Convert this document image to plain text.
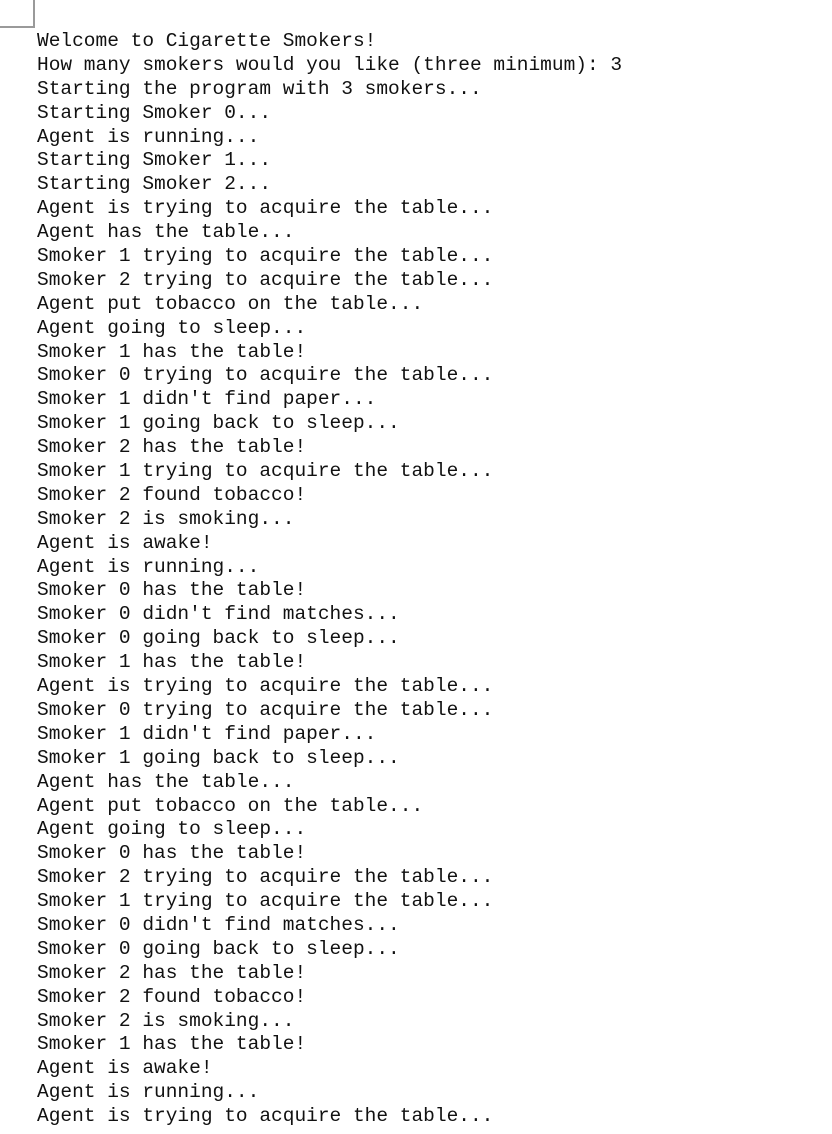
Welcome to Cigarette Smokers!
How many smokers would you like (three minimum): 3
Starting the program with 3 smokers...
Starting Smoker 0...
Agent is running...
Starting Smoker 1...
Starting Smoker 2...
Agent is trying to acquire the table...
Agent has the table...
Smoker 1 trying to acquire the table...
Smoker 2 trying to acquire the table...
Agent put tobacco on the table...
Agent going to sleep...
Smoker 1 has the table!
Smoker 0 trying to acquire the table...
Smoker 1 didn't find paper...
Smoker 1 going back to sleep...
Smoker 2 has the table!
Smoker 1 trying to acquire the table...
Smoker 2 found tobacco!
Smoker 2 is smoking...
Agent is awake!
Agent is running...
Smoker 0 has the table!
Smoker 0 didn't find matches...
Smoker 0 going back to sleep...
Smoker 1 has the table!
Agent is trying to acquire the table...
Smoker 0 trying to acquire the table...
Smoker 1 didn't find paper...
Smoker 1 going back to sleep...
Agent has the table...
Agent put tobacco on the table...
Agent going to sleep...
Smoker 0 has the table!
Smoker 2 trying to acquire the table...
Smoker 1 trying to acquire the table...
Smoker 0 didn't find matches...
Smoker 0 going back to sleep...
Smoker 2 has the table!
Smoker 2 found tobacco!
Smoker 2 is smoking...
Smoker 1 has the table!
Agent is awake!
Agent is running...
Agent is trying to acquire the table...
